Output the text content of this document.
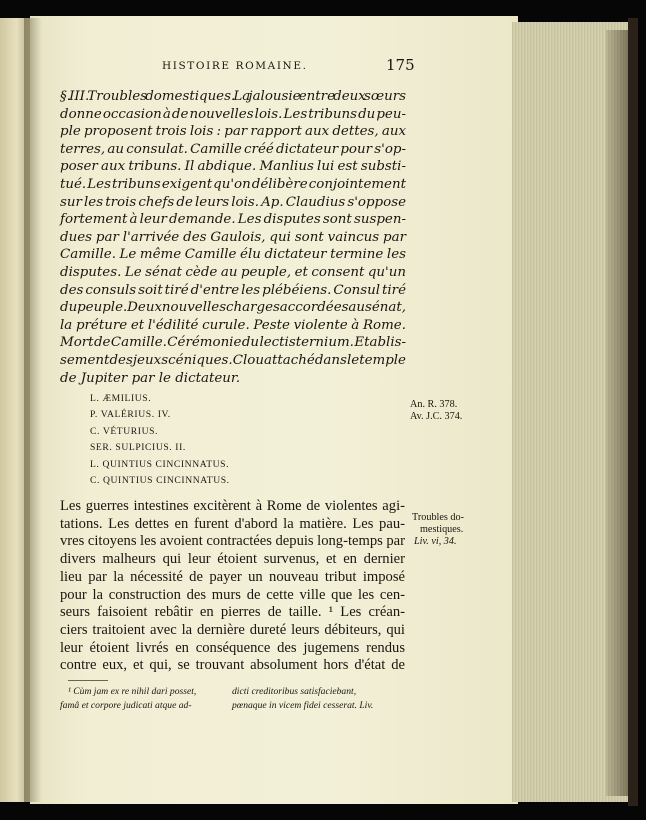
HISTOIRE ROMAINE.	175
§. III. Troubles domestiques. La jalousie entre deux sœurs
donne occasion à de nouvelles lois. Les tribuns du peu-
ple proposent trois lois : par rapport aux dettes, aux
terres, au consulat. Camille créé dictateur pour s'op-
poser aux tribuns. Il abdique. Manlius lui est substi-
tué. Les tribuns exigent qu'on délibère conjointement
sur les trois chefs de leurs lois. Ap. Claudius s'oppose
fortement à leur demande. Les disputes sont suspen-
dues par l'arrivée des Gaulois, qui sont vaincus par
Camille. Le même Camille élu dictateur termine les
disputes. Le sénat cède au peuple, et consent qu'un
des consuls soit tiré d'entre les plébéiens. Consul tiré
du peuple. Deux nouvelles charges accordées au sénat,
la préture et l'édilité curule. Peste violente à Rome.
Mort de Camille. Cérémonie du lectisternium. Etablis-
sement des jeux scéniques. Clou attaché dans le temple
de Jupiter par le dictateur.
L. ÆMILIUS.
P. VALÉRIUS. IV.
C. VÉTURIUS.
SER. SULPICIUS. II.
L. QUINTIUS CINCINNATUS.
C. QUINTIUS CINCINNATUS.
An. R. 378.
Av. J.C. 374.
Les guerres intestines excitèrent à Rome de violentes agi-
tations. Les dettes en furent d'abord la matière. Les pau-
vres citoyens les avoient contractées depuis long-temps par
divers malheurs qui leur étoient survenus, et en dernier
lieu par la nécessité de payer un nouveau tribut imposé
pour la construction des murs de cette ville que les cen-
seurs faisoient rebâtir en pierres de taille. ¹ Les créan-
ciers traitoient avec la dernière dureté leurs débiteurs, qui
leur étoient livrés en conséquence des jugemens rendus
contre eux, et qui, se trouvant absolument hors d'état de
Troubles do-
mestiques.
Liv. vi, 34.
¹ Cùm jam ex re nihil dari posset,
famâ et corpore judicati atque ad-
dicti creditoribus satisfaciebant,
pœnaque in vicem fidei cesserat. Liv.
